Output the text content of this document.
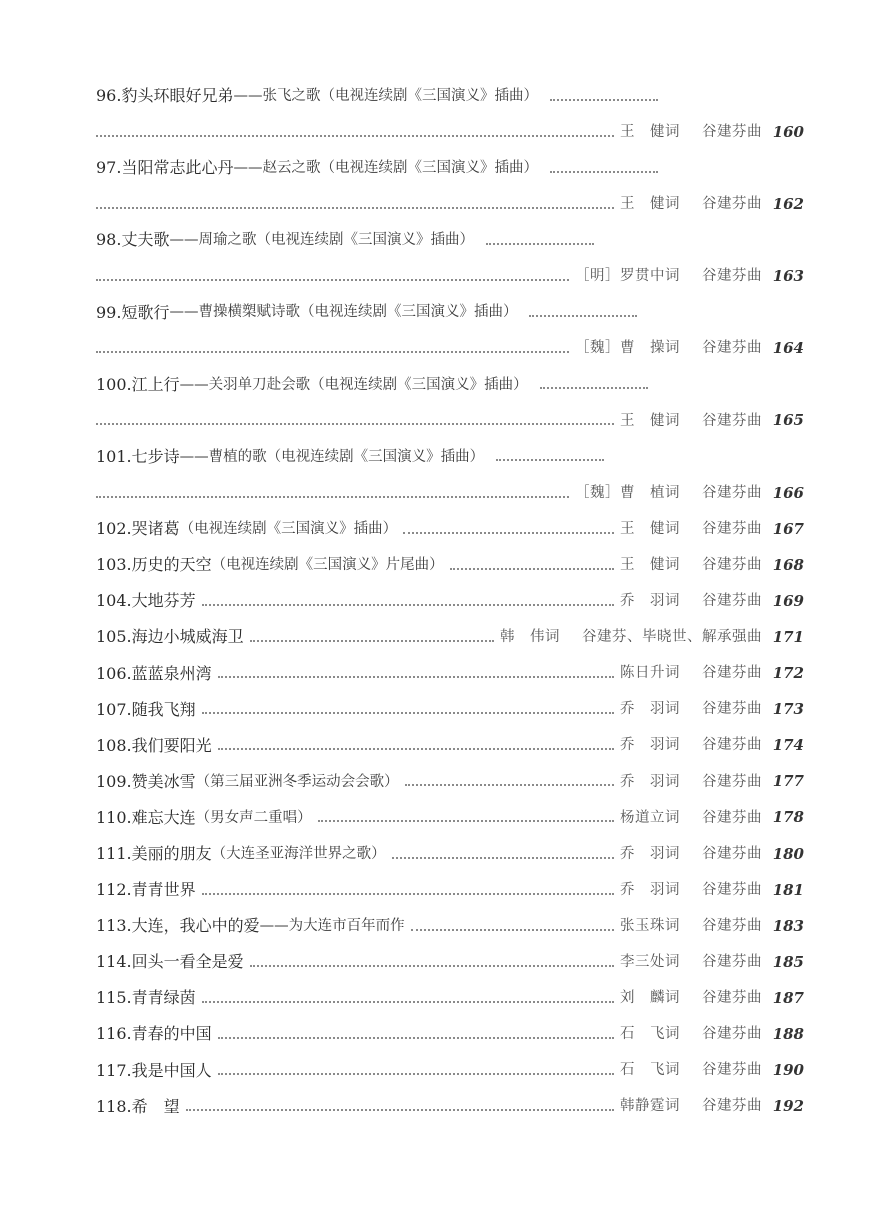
96. 豹头环眼好兄弟 ——张飞之歌（电视连续剧《三国演义》插曲）
王　健词 谷建芬曲 160
97. 当阳常志此心丹 ——赵云之歌（电视连续剧《三国演义》插曲）
王　健词 谷建芬曲 162
98. 丈夫歌 ——周瑜之歌（电视连续剧《三国演义》插曲）
［明］罗贯中词 谷建芬曲 163
99. 短歌行 ——曹操横槊赋诗歌（电视连续剧《三国演义》插曲）
［魏］曹　操词 谷建芬曲 164
100. 江上行 ——关羽单刀赴会歌（电视连续剧《三国演义》插曲）
王　健词 谷建芬曲 165
101. 七步诗 ——曹植的歌（电视连续剧《三国演义》插曲）
［魏］曹　植词 谷建芬曲 166
102. 哭诸葛 （电视连续剧《三国演义》插曲）	王　健词 谷建芬曲 167
103. 历史的天空 （电视连续剧《三国演义》片尾曲）	王　健词 谷建芬曲 168
104. 大地芬芳	乔　羽词 谷建芬曲 169
105. 海边小城威海卫	韩　伟词 谷建芬、毕晓世、解承强曲 171
106. 蓝蓝泉州湾	陈日升词 谷建芬曲 172
107. 随我飞翔	乔　羽词 谷建芬曲 173
108. 我们要阳光	乔　羽词 谷建芬曲 174
109. 赞美冰雪 （第三届亚洲冬季运动会会歌）	乔　羽词 谷建芬曲 177
110. 难忘大连 （男女声二重唱）	杨道立词 谷建芬曲 178
111. 美丽的朋友 （大连圣亚海洋世界之歌）	乔　羽词 谷建芬曲 180
112. 青青世界	乔　羽词 谷建芬曲 181
113. 大连，我心中的爱 ——为大连市百年而作	张玉珠词 谷建芬曲 183
114. 回头一看全是爱	李三处词 谷建芬曲 185
115. 青青绿茵	刘　麟词 谷建芬曲 187
116. 青春的中国	石　飞词 谷建芬曲 188
117. 我是中国人	石　飞词 谷建芬曲 190
118. 希　望	韩静霆词 谷建芬曲 192
